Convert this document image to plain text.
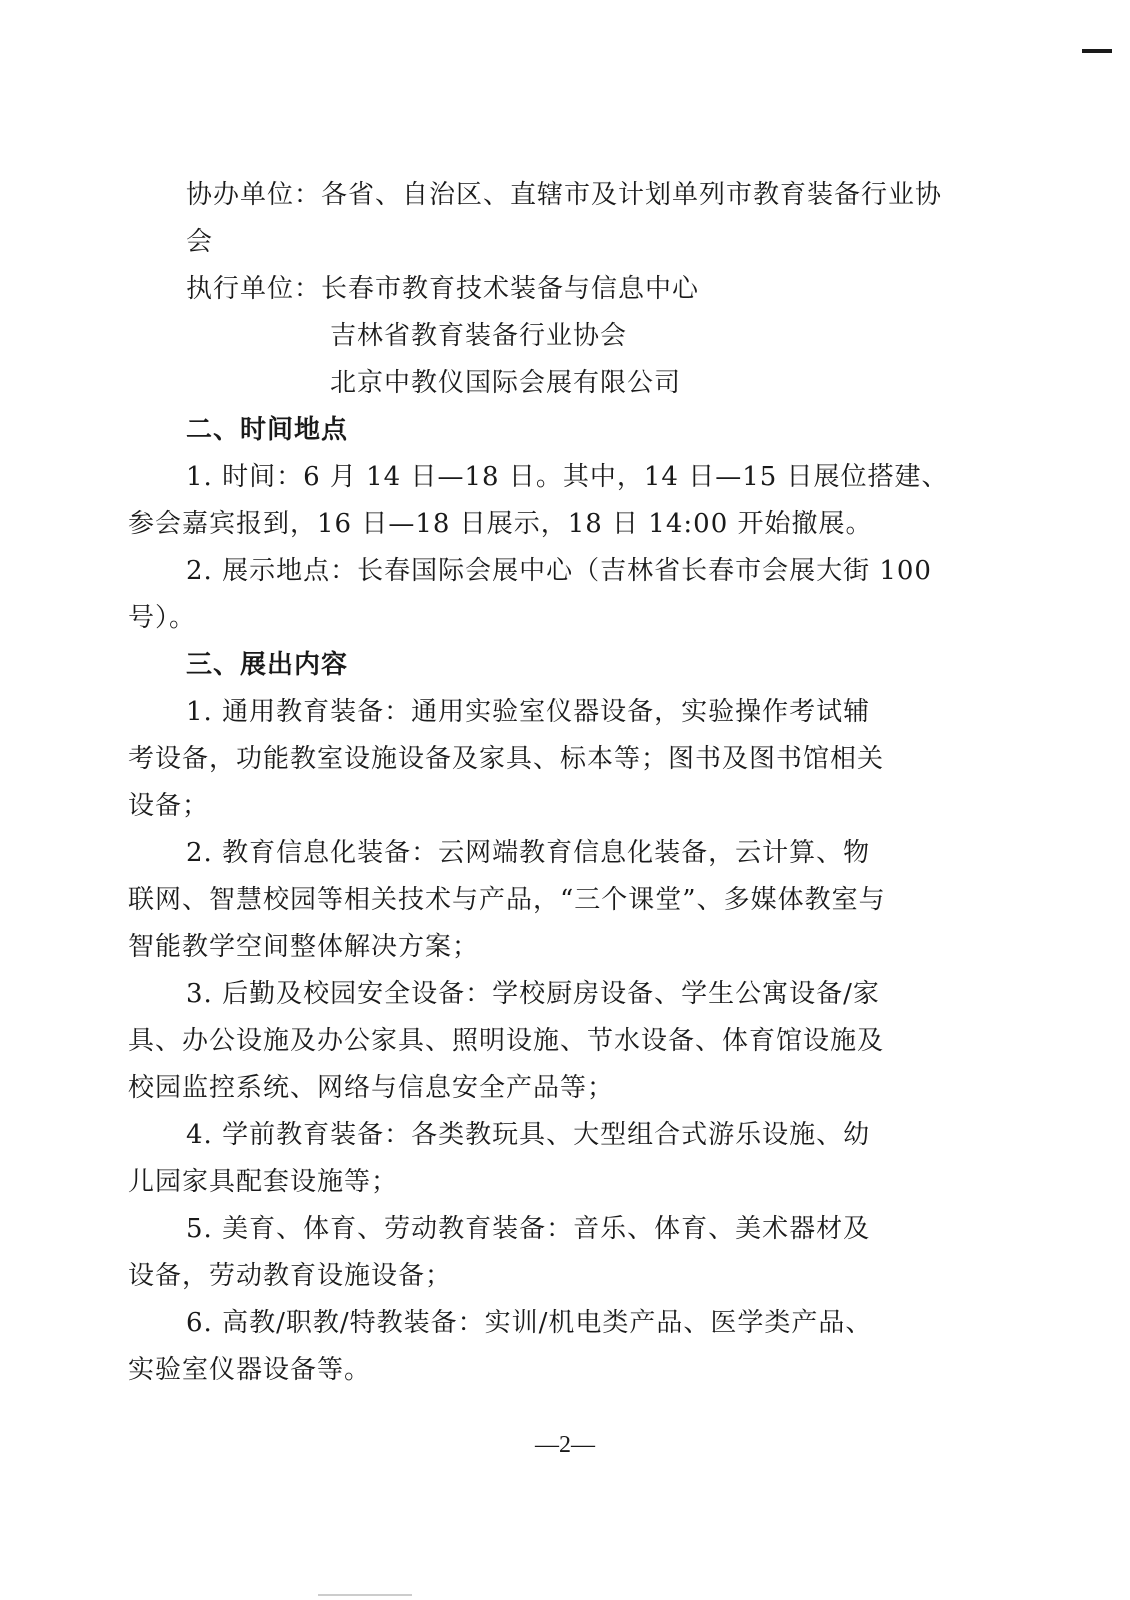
协办单位：各省、自治区、直辖市及计划单列市教育装备行业协
会
执行单位：长春市教育技术装备与信息中心
吉林省教育装备行业协会
北京中教仪国际会展有限公司
二、时间地点
1. 时间：6 月 14 日—18 日。其中，14 日—15 日展位搭建、
参会嘉宾报到，16 日—18 日展示，18 日 14:00 开始撤展。
2. 展示地点：长春国际会展中心（吉林省长春市会展大街 100
号）。
三、展出内容
1. 通用教育装备：通用实验室仪器设备，实验操作考试辅
考设备，功能教室设施设备及家具、标本等；图书及图书馆相关
设备；
2. 教育信息化装备：云网端教育信息化装备，云计算、物
联网、智慧校园等相关技术与产品，“三个课堂”、多媒体教室与
智能教学空间整体解决方案；
3. 后勤及校园安全设备：学校厨房设备、学生公寓设备/家
具、办公设施及办公家具、照明设施、节水设备、体育馆设施及
校园监控系统、网络与信息安全产品等；
4. 学前教育装备：各类教玩具、大型组合式游乐设施、幼
儿园家具配套设施等；
5. 美育、体育、劳动教育装备：音乐、体育、美术器材及
设备，劳动教育设施设备；
6. 高教/职教/特教装备：实训/机电类产品、医学类产品、
实验室仪器设备等。
—2—
